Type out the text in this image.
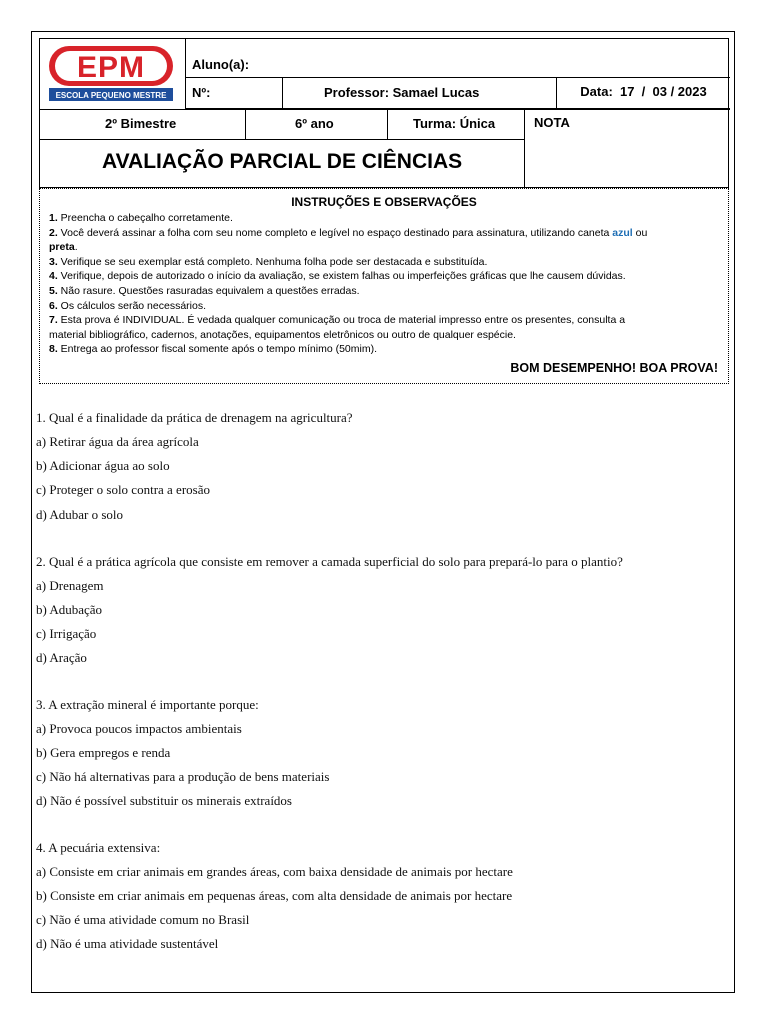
EPM
ESCOLA PEQUENO MESTRE
Aluno(a):
Nº:	Professor: Samael Lucas	Data:  17  /  03 / 2023
2º Bimestre	6º ano	Turma: Única	NOTA
AVALIAÇÃO PARCIAL DE CIÊNCIAS
INSTRUÇÕES E OBSERVAÇÕES
1. Preencha o cabeçalho corretamente.
2. Você deverá assinar a folha com seu nome completo e legível no espaço destinado para assinatura, utilizando caneta azul ou
preta.
3. Verifique se seu exemplar está completo. Nenhuma folha pode ser destacada e substituída.
4. Verifique, depois de autorizado o início da avaliação, se existem falhas ou imperfeições gráficas que lhe causem dúvidas.
5. Não rasure. Questões rasuradas equivalem a questões erradas.
6. Os cálculos serão necessários.
7. Esta prova é INDIVIDUAL. É vedada qualquer comunicação ou troca de material impresso entre os presentes, consulta a
material bibliográfico, cadernos, anotações, equipamentos eletrônicos ou outro de qualquer espécie.
8. Entrega ao professor fiscal somente após o tempo mínimo (50mim).
BOM DESEMPENHO! BOA PROVA!
1. Qual é a finalidade da prática de drenagem na agricultura?
a) Retirar água da área agrícola
b) Adicionar água ao solo
c) Proteger o solo contra a erosão
d) Adubar o solo
2. Qual é a prática agrícola que consiste em remover a camada superficial do solo para prepará-lo para o plantio?
a) Drenagem
b) Adubação
c) Irrigação
d) Aração
3. A extração mineral é importante porque:
a) Provoca poucos impactos ambientais
b) Gera empregos e renda
c) Não há alternativas para a produção de bens materiais
d) Não é possível substituir os minerais extraídos
4. A pecuária extensiva:
a) Consiste em criar animais em grandes áreas, com baixa densidade de animais por hectare
b) Consiste em criar animais em pequenas áreas, com alta densidade de animais por hectare
c) Não é uma atividade comum no Brasil
d) Não é uma atividade sustentável
